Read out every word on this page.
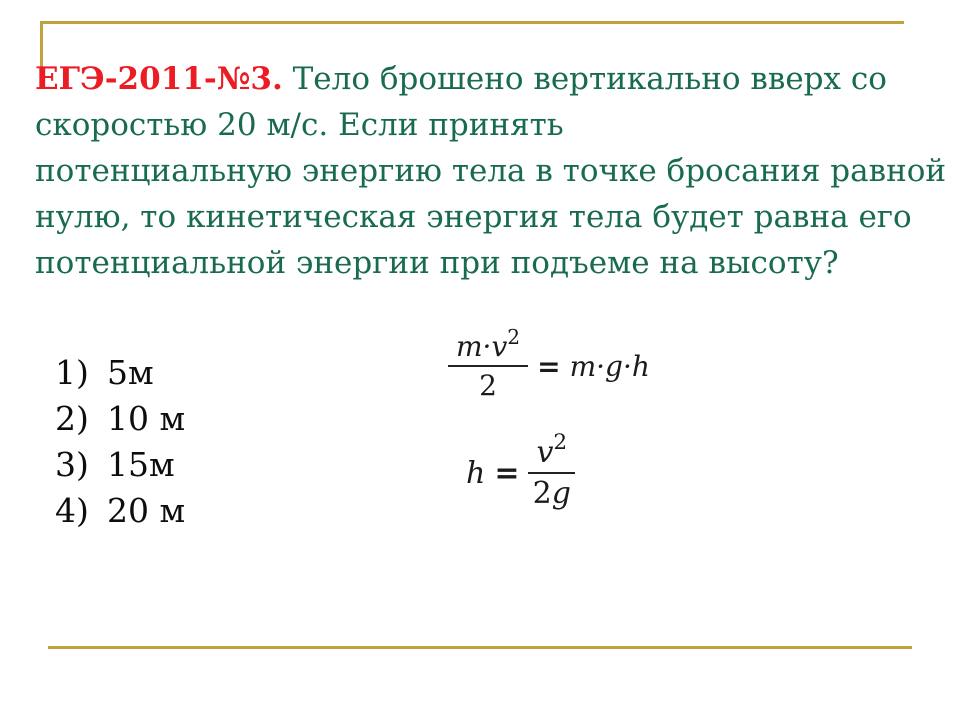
ЕГЭ-2011-№3. Тело брошено вертикально вверх со
скоростью 20 м/с. Если принять
потенциальную энергию тела в точке бросания равной
нулю, то кинетическая энергия тела будет равна его
потенциальной энергии при подъеме на высоту?
1) 5м
2) 10 м
3) 15м
4) 20 м
$\frac{m\cdot v^2}{2} = m\cdot g\cdot h$
$h = \frac{v^2}{2g}$
